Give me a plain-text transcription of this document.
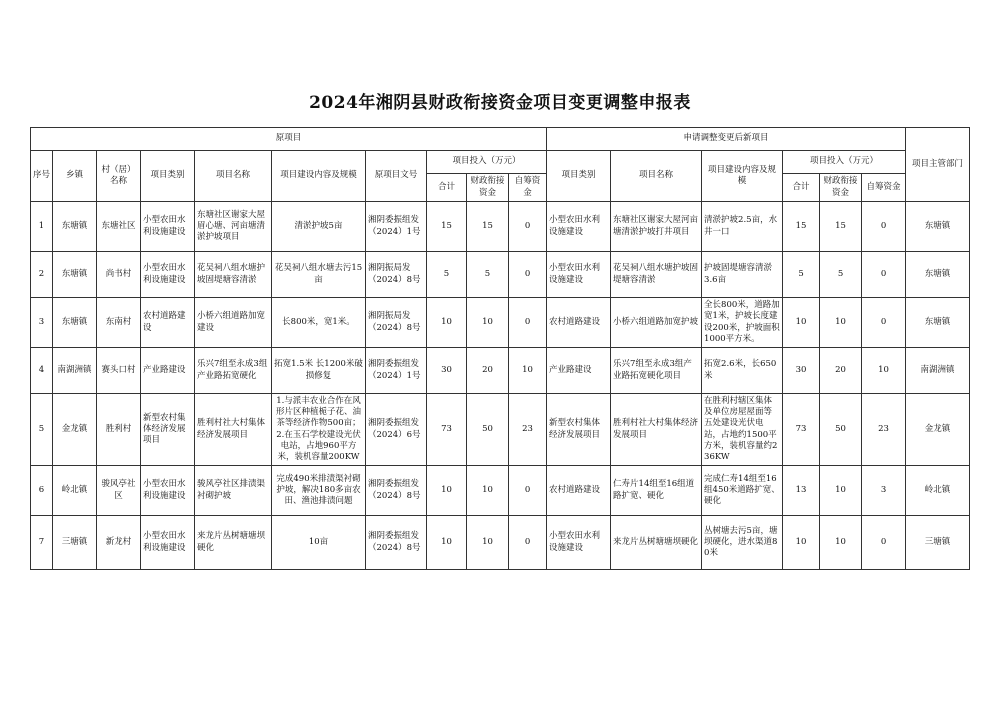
2024年湘阴县财政衔接资金项目变更调整申报表
原项目										申请调整变更后新项目						项目主管部门
序号	乡镇	村（居）名称	项目类别	项目名称	项目建设内容及规模	原项目文号	项目投入（万元）			项目类别	项目名称	项目建设内容及规模	项目投入（万元）			
							合计	财政衔接资金	自筹资金				合计	财政衔接资金	自筹资金	
1	东塘镇	东塘社区	小型农田水利设施建设	东塘社区谢家大屋眉心塘、河亩塘清淤护坡项目	清淤护坡5亩	湘阴委振组发（2024）1号	15	15	0	小型农田水利设施建设	东塘社区谢家大屋河亩塘清淤护坡打井项目	清淤护坡2.5亩，水井一口	15	15	0	东塘镇
2	东塘镇	尚书村	小型农田水利设施建设	花吴祠八组水塘护坡固堤塘容清淤	花吴祠八组水塘去污15亩	湘阴振局发（2024）8号	5	5	0	小型农田水利设施建设	花吴祠八组水塘护坡固堤塘容清淤	护坡固堤塘容清淤3.6亩	5	5	0	东塘镇
3	东塘镇	东南村	农村道路建设	小桥六组道路加宽建设	长800米，宽1米。	湘阴振局发（2024）8号	10	10	0	农村道路建设	小桥六组道路加宽护坡	全长800米，道路加宽1米，护坡长度建设200米，护坡面积1000平方米。	10	10	0	东塘镇
4	南湖洲镇	赛头口村	产业路建设	乐兴7组至永成3组产业路拓宽硬化	拓宽1.5米 长1200米破损修复	湘阴委振组发（2024）1号	30	20	10	产业路建设	乐兴7组至永成3组产业路拓宽硬化项目	拓宽2.6米，长650米	30	20	10	南湖洲镇
5	金龙镇	胜利村	新型农村集体经济发展项目	胜利村社大村集体经济发展项目	1.与派丰农业合作在风形片区种植栀子花、油茶等经济作物500亩；2.在玉石学校建设光伏电站，占地960平方米，装机容量200KW	湘阴委振组发（2024）6号	73	50	23	新型农村集体经济发展项目	胜利村社大村集体经济发展项目	在胜利村辖区集体及单位房屋屋面等五处建设光伏电站，占地约1500平方米，装机容量约236KW	73	50	23	金龙镇
6	岭北镇	骏风亭社区	小型农田水利设施建设	骏风亭社区排渍渠衬砌护坡	完成490米排渍渠衬砌护坡，解决180多亩农田、渔池排渍问题	湘阴委振组发（2024）8号	10	10	0	农村道路建设	仁寿片14组至16组道路扩宽、硬化	完成仁寿14组至16组450米道路扩宽、硬化	13	10	3	岭北镇
7	三塘镇	新龙村	小型农田水利设施建设	来龙片丛树塘塘坝硬化	10亩	湘阴委振组发（2024）8号	10	10	0	小型农田水利设施建设	来龙片丛树塘塘坝硬化	丛树塘去污5亩，塘坝硬化，进水渠道80米	10	10	0	三塘镇
